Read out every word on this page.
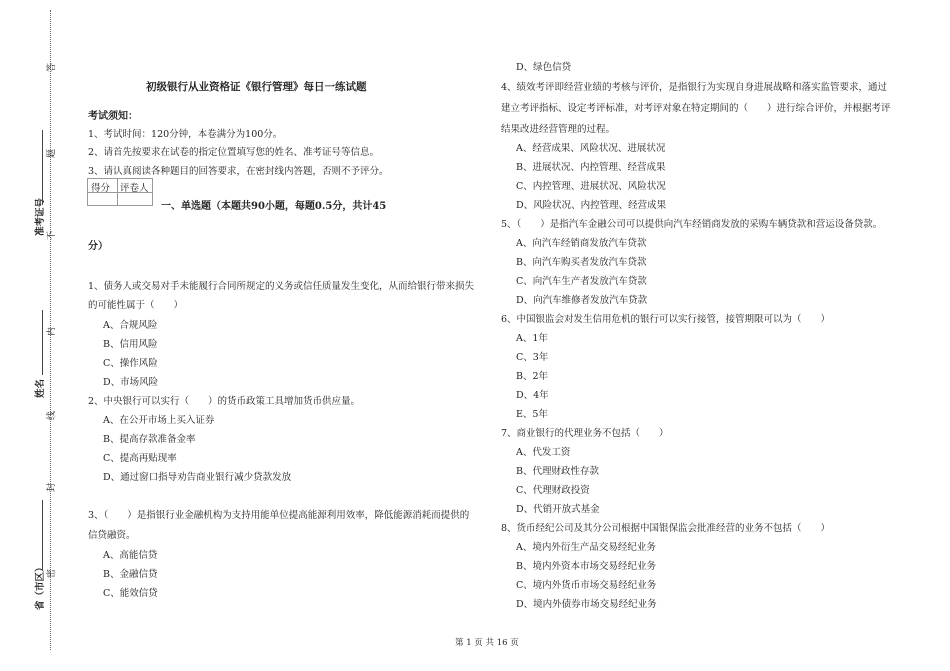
答
题
不
内
线
封
密
准考证号
姓名
省（市区）
初级银行从业资格证《银行管理》每日一练试题
考试须知：
1、考试时间：120分钟，本卷满分为100分。
2、请首先按要求在试卷的指定位置填写您的姓名、准考证号等信息。
3、请认真阅读各种题目的回答要求，在密封线内答题，否则不予评分。
得分 评卷人
一、单选题（本题共90小题，每题0.5分，共计45
分）
1、债务人或交易对手未能履行合同所规定的义务或信任质量发生变化，从而给银行带来损失
的可能性属于（　　）
A、合规风险
B、信用风险
C、操作风险
D、市场风险
2、中央银行可以实行（　　）的货币政策工具增加货币供应量。
A、在公开市场上买入证券
B、提高存款准备金率
C、提高再贴现率
D、通过窗口指导劝告商业银行减少贷款发放
3、（　　）是指银行业金融机构为支持用能单位提高能源利用效率，降低能源消耗而提供的
信贷融资。
A、高能信贷
B、金融信贷
C、能效信贷
D、绿色信贷
4、绩效考评即经营业绩的考核与评价，是指银行为实现自身进展战略和落实监管要求，通过
建立考评指标、设定考评标准，对考评对象在特定期间的（　　）进行综合评价，并根据考评
结果改进经营管理的过程。
A、经营成果、风险状况、进展状况
B、进展状况、内控管理、经营成果
C、内控管理、进展状况、风险状况
D、风险状况、内控管理、经营成果
5、（　　）是指汽车金融公司可以提供向汽车经销商发放的采购车辆贷款和营运设备贷款。
A、向汽车经销商发放汽车贷款
B、向汽车购买者发放汽车贷款
C、向汽车生产者发放汽车贷款
D、向汽车维修者发放汽车贷款
6、中国银监会对发生信用危机的银行可以实行接管，接管期限可以为（　　）
A、1年
C、3年
B、2年
D、4年
E、5年
7、商业银行的代理业务不包括（　　）
A、代发工资
B、代理财政性存款
C、代理财政投资
D、代销开放式基金
8、货币经纪公司及其分公司根据中国银保监会批准经营的业务不包括（　　）
A、境内外衍生产品交易经纪业务
B、境内外资本市场交易经纪业务
C、境内外货币市场交易经纪业务
D、境内外债券市场交易经纪业务
第 1 页 共 16 页
